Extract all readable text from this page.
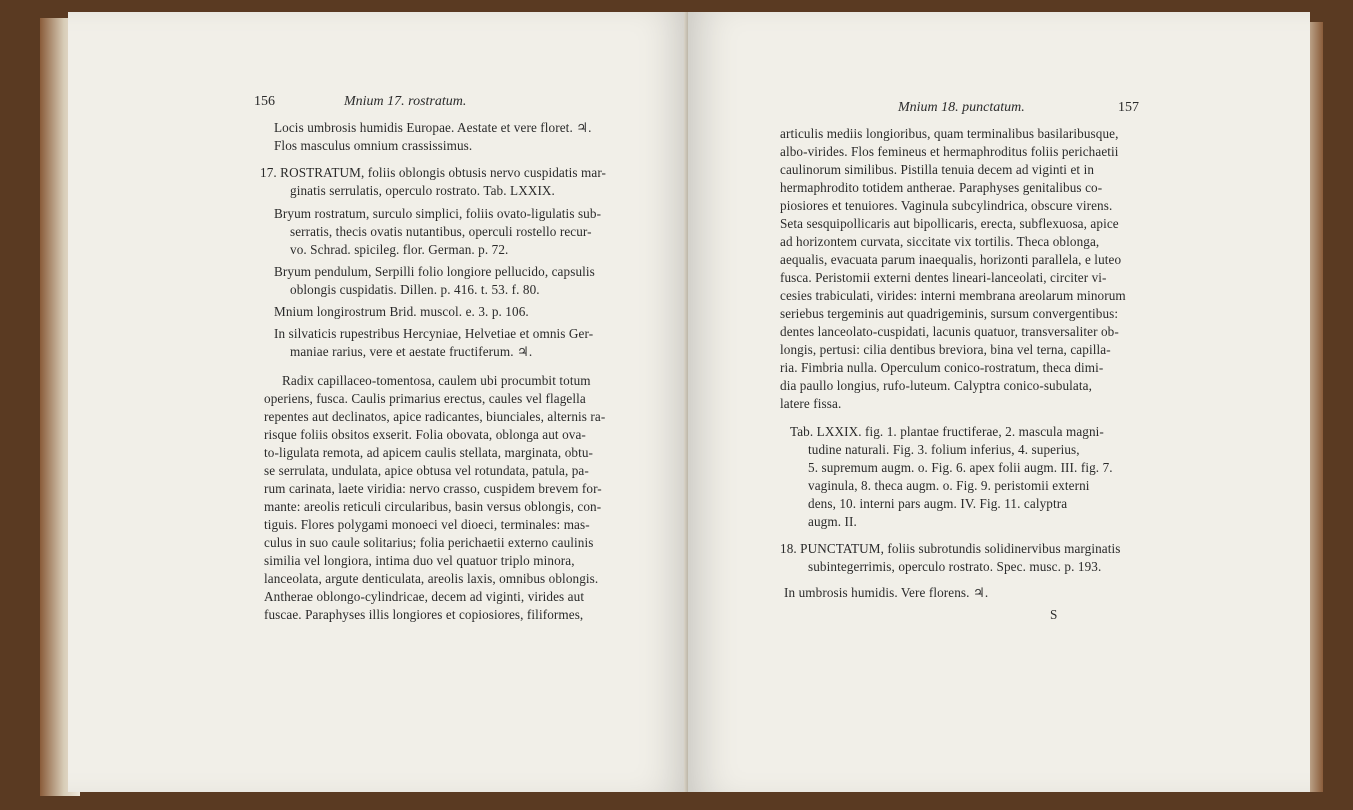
156	Mnium 17. rostratum.
Locis umbrosis humidis Europae. Aestate et vere floret. ♃.
Flos masculus omnium crassissimus.
17. ROSTRATUM, foliis oblongis obtusis nervo cuspidatis mar-
ginatis serrulatis, operculo rostrato. Tab. LXXIX.
Bryum rostratum, surculo simplici, foliis ovato-ligulatis sub-
serratis, thecis ovatis nutantibus, operculi rostello recur-
vo. Schrad. spicileg. flor. German. p. 72.
Bryum pendulum, Serpilli folio longiore pellucido, capsulis
oblongis cuspidatis. Dillen. p. 416. t. 53. f. 80.
Mnium longirostrum Brid. muscol. e. 3. p. 106.
In silvaticis rupestribus Hercyniae, Helvetiae et omnis Ger-
maniae rarius, vere et aestate fructiferum. ♃.
Radix capillaceo-tomentosa, caulem ubi procumbit totum
operiens, fusca. Caulis primarius erectus, caules vel flagella
repentes aut declinatos, apice radicantes, biunciales, alternis ra-
risque foliis obsitos exserit. Folia obovata, oblonga aut ova-
to-ligulata remota, ad apicem caulis stellata, marginata, obtu-
se serrulata, undulata, apice obtusa vel rotundata, patula, pa-
rum carinata, laete viridia: nervo crasso, cuspidem brevem for-
mante: areolis reticuli circularibus, basin versus oblongis, con-
tiguis. Flores polygami monoeci vel dioeci, terminales: mas-
culus in suo caule solitarius; folia perichaetii externo caulinis
similia vel longiora, intima duo vel quatuor triplo minora,
lanceolata, argute denticulata, areolis laxis, omnibus oblongis.
Antherae oblongo-cylindricae, decem ad viginti, virides aut
fuscae. Paraphyses illis longiores et copiosiores, filiformes,
Mnium 18. punctatum.	157
articulis mediis longioribus, quam terminalibus basilaribusque,
albo-virides. Flos femineus et hermaphroditus foliis perichaetii
caulinorum similibus. Pistilla tenuia decem ad viginti et in
hermaphrodito totidem antherae. Paraphyses genitalibus co-
piosiores et tenuiores. Vaginula subcylindrica, obscure virens.
Seta sesquipollicaris aut bipollicaris, erecta, subflexuosa, apice
ad horizontem curvata, siccitate vix tortilis. Theca oblonga,
aequalis, evacuata parum inaequalis, horizonti parallela, e luteo
fusca. Peristomii externi dentes lineari-lanceolati, circiter vi-
cesies trabiculati, virides: interni membrana areolarum minorum
seriebus tergeminis aut quadrigeminis, sursum convergentibus:
dentes lanceolato-cuspidati, lacunis quatuor, transversaliter ob-
longis, pertusi: cilia dentibus breviora, bina vel terna, capilla-
ria. Fimbria nulla. Operculum conico-rostratum, theca dimi-
dia paullo longius, rufo-luteum. Calyptra conico-subulata,
latere fissa.
Tab. LXXIX. fig. 1. plantae fructiferae, 2. mascula magni-
tudine naturali. Fig. 3. folium inferius, 4. superius,
5. supremum augm. o. Fig. 6. apex folii augm. III. fig. 7.
vaginula, 8. theca augm. o. Fig. 9. peristomii externi
dens, 10. interni pars augm. IV. Fig. 11. calyptra
augm. II.
18. PUNCTATUM, foliis subrotundis solidinervibus marginatis
subintegerrimis, operculo rostrato. Spec. musc. p. 193.
In umbrosis humidis. Vere florens. ♃.
S
